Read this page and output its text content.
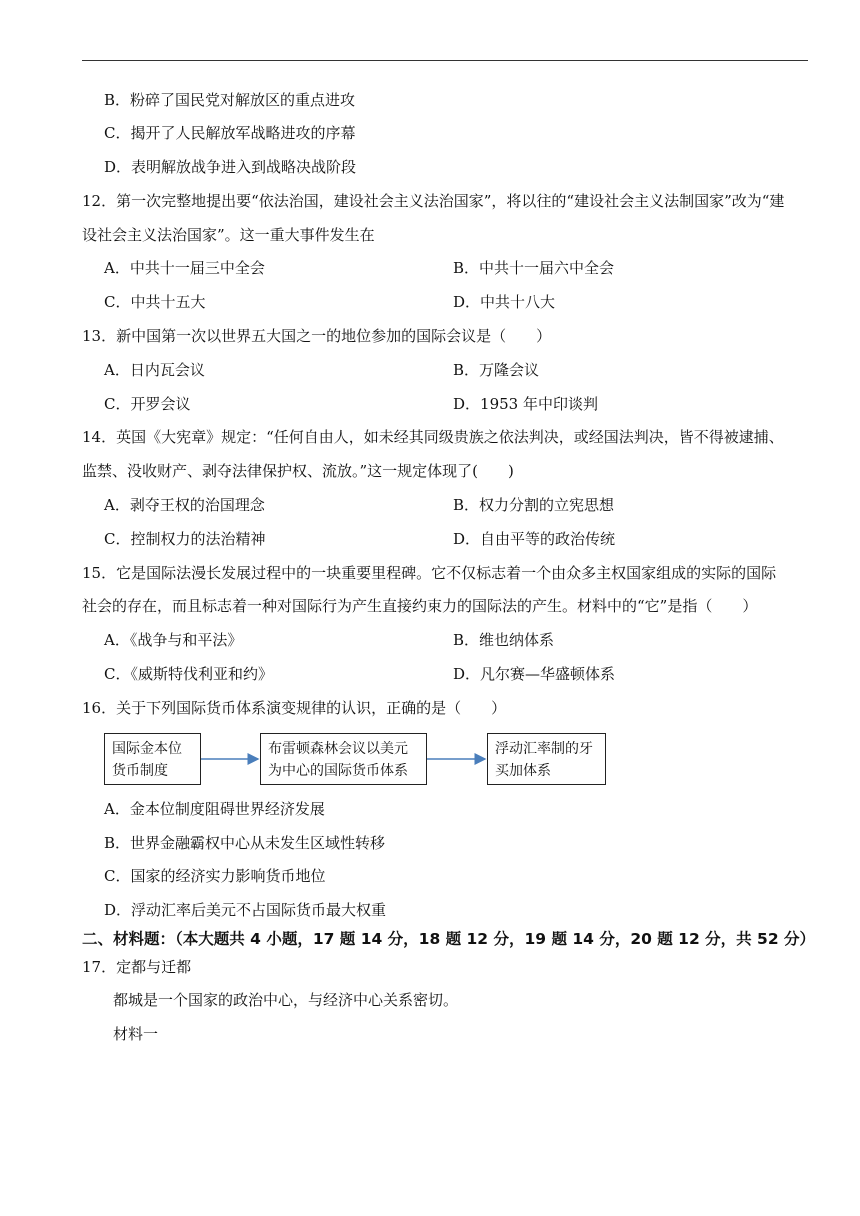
B．粉碎了国民党对解放区的重点进攻
C．揭开了人民解放军战略进攻的序幕
D．表明解放战争进入到战略决战阶段
12．第一次完整地提出要“依法治国，建设社会主义法治国家”，将以往的“建设社会主义法制国家”改为“建
设社会主义法治国家”。这一重大事件发生在
A．中共十一届三中全会	B．中共十一届六中全会
C．中共十五大	D．中共十八大
13．新中国第一次以世界五大国之一的地位参加的国际会议是（　　）
A．日内瓦会议	B．万隆会议
C．开罗会议	D．1953 年中印谈判
14．英国《大宪章》规定：“任何自由人，如未经其同级贵族之依法判决，或经国法判决，皆不得被逮捕、
监禁、没收财产、剥夺法律保护权、流放。”这一规定体现了(　　)
A．剥夺王权的治国理念	B．权力分割的立宪思想
C．控制权力的法治精神	D．自由平等的政治传统
15．它是国际法漫长发展过程中的一块重要里程碑。它不仅标志着一个由众多主权国家组成的实际的国际
社会的存在，而且标志着一种对国际行为产生直接约束力的国际法的产生。材料中的“它”是指（　　）
A．《战争与和平法》	B．维也纳体系
C．《威斯特伐利亚和约》	D．凡尔赛—华盛顿体系
16．关于下列国际货币体系演变规律的认识，正确的是（　　）
国际金本位
货币制度
布雷顿森林会议以美元
为中心的国际货币体系
浮动汇率制的牙
买加体系
A．金本位制度阻碍世界经济发展
B．世界金融霸权中心从未发生区域性转移
C．国家的经济实力影响货币地位
D．浮动汇率后美元不占国际货币最大权重
二、材料题：（本大题共 4 小题，17 题 14 分，18 题 12 分，19 题 14 分，20 题 12 分，共 52 分）
17．定都与迁都
都城是一个国家的政治中心，与经济中心关系密切。
材料一
